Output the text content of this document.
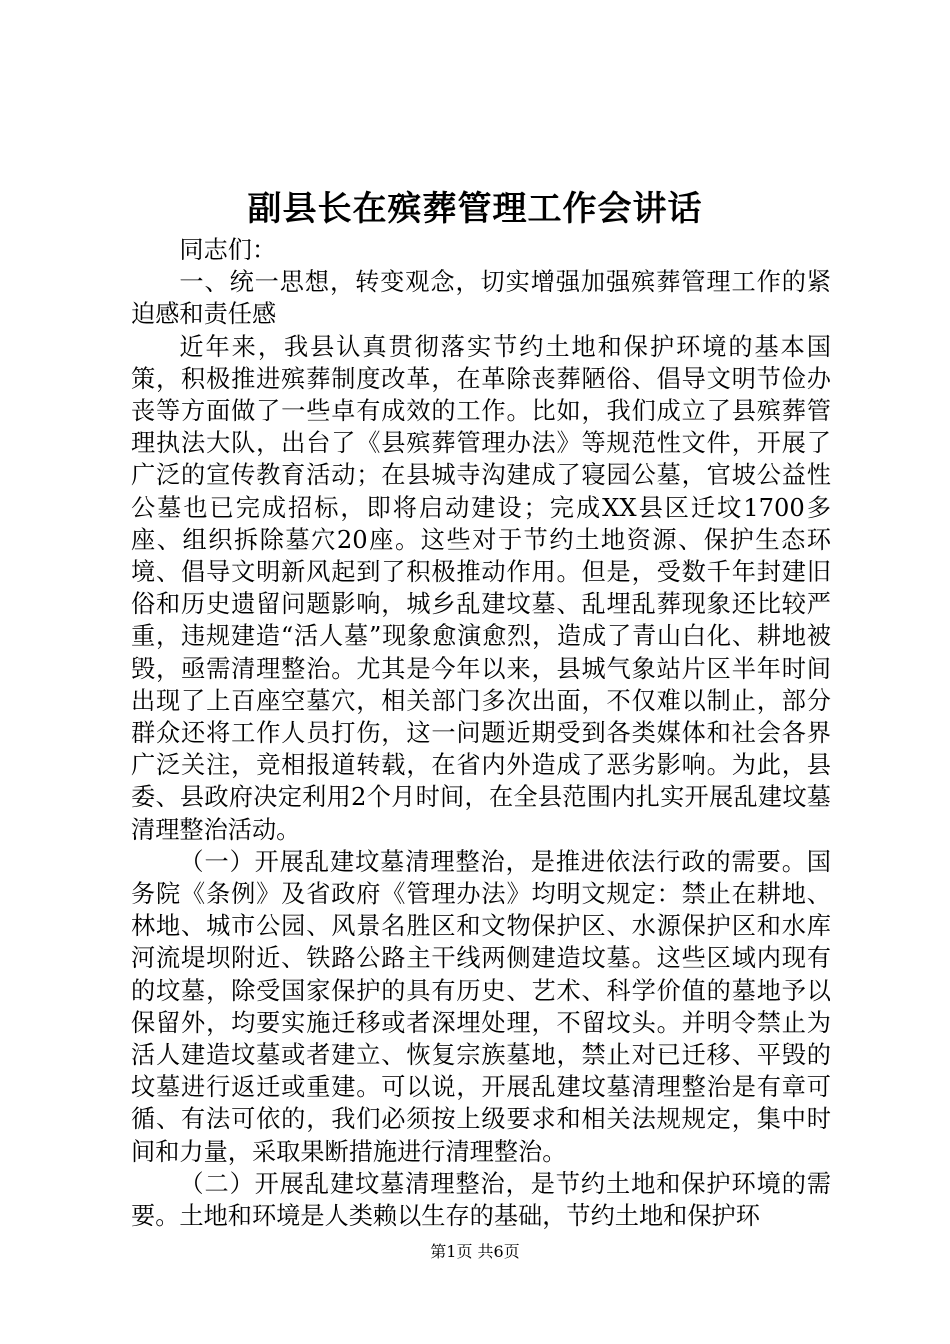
副县长在殡葬管理工作会讲话

同志们：

一、统一思想，转变观念，切实增强加强殡葬管理工作的紧迫感和责任感

近年来，我县认真贯彻落实节约土地和保护环境的基本国策，积极推进殡葬制度改革，在革除丧葬陋俗、倡导文明节俭办丧等方面做了一些卓有成效的工作。比如，我们成立了县殡葬管理执法大队，出台了《县殡葬管理办法》等规范性文件，开展了广泛的宣传教育活动；在县城寺沟建成了寝园公墓，官坡公益性公墓也已完成招标，即将启动建设；完成XX县区迁坟1700多座、组织拆除墓穴20座。这些对于节约土地资源、保护生态环境、倡导文明新风起到了积极推动作用。但是，受数千年封建旧俗和历史遗留问题影响，城乡乱建坟墓、乱埋乱葬现象还比较严重，违规建造“活人墓”现象愈演愈烈，造成了青山白化、耕地被毁，亟需清理整治。尤其是今年以来，县城气象站片区半年时间出现了上百座空墓穴，相关部门多次出面，不仅难以制止，部分群众还将工作人员打伤，这一问题近期受到各类媒体和社会各界广泛关注，竞相报道转载，在省内外造成了恶劣影响。为此，县委、县政府决定利用2个月时间，在全县范围内扎实开展乱建坟墓清理整治活动。

（一）开展乱建坟墓清理整治，是推进依法行政的需要。国务院《条例》及省政府《管理办法》均明文规定：禁止在耕地、林地、城市公园、风景名胜区和文物保护区、水源保护区和水库河流堤坝附近、铁路公路主干线两侧建造坟墓。这些区域内现有的坟墓，除受国家保护的具有历史、艺术、科学价值的墓地予以保留外，均要实施迁移或者深埋处理，不留坟头。并明令禁止为活人建造坟墓或者建立、恢复宗族墓地，禁止对已迁移、平毁的坟墓进行返迁或重建。可以说，开展乱建坟墓清理整治是有章可循、有法可依的，我们必须按上级要求和相关法规规定，集中时间和力量，采取果断措施进行清理整治。

（二）开展乱建坟墓清理整治，是节约土地和保护环境的需要。土地和环境是人类赖以生存的基础，节约土地和保护环

第1页 共6页
